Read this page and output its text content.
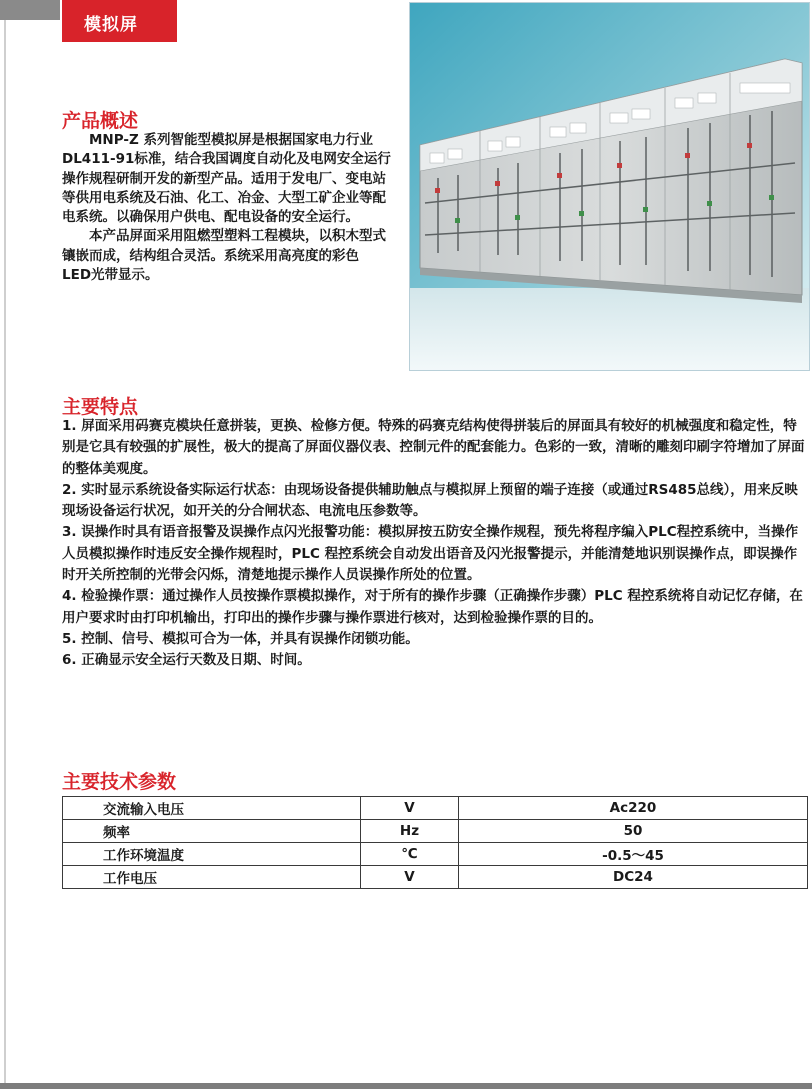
模拟屏
产品概述

MNP-Z 系列智能型模拟屏是根据国家电力行业 DL411-91标准，结合我国调度自动化及电网安全运行操作规程研制开发的新型产品。适用于发电厂、变电站等供用电系统及石油、化工、冶金、大型工矿企业等配电系统。以确保用户供电、配电设备的安全运行。

本产品屏面采用阻燃型塑料工程模块，以积木型式镶嵌而成，结构组合灵活。系统采用高亮度的彩色 LED光带显示。

主要特点

1. 屏面采用码赛克模块任意拼装，更换、检修方便。特殊的码赛克结构使得拼装后的屏面具有较好的机械强度和稳定性，特别是它具有较强的扩展性，极大的提高了屏面仪器仪表、控制元件的配套能力。色彩的一致，清晰的雕刻印刷字符增加了屏面的整体美观度。

2. 实时显示系统设备实际运行状态：由现场设备提供辅助触点与模拟屏上预留的端子连接（或通过RS485总线），用来反映现场设备运行状况，如开关的分合闸状态、电流电压参数等。

3. 误操作时具有语音报警及误操作点闪光报警功能：模拟屏按五防安全操作规程，预先将程序编入PLC程控系统中，当操作人员模拟操作时违反安全操作规程时，PLC 程控系统会自动发出语音及闪光报警提示，并能清楚地识别误操作点，即误操作时开关所控制的光带会闪烁，清楚地提示操作人员误操作所处的位置。

4. 检验操作票：通过操作人员按操作票模拟操作，对于所有的操作步骤（正确操作步骤）PLC 程控系统将自动记忆存储，在用户要求时由打印机输出，打印出的操作步骤与操作票进行核对，达到检验操作票的目的。

5. 控制、信号、模拟可合为一体，并具有误操作闭锁功能。

6. 正确显示安全运行天数及日期、时间。

主要技术参数
交流输入电压	V	Ac220
频率	Hz	50
工作环境温度	℃	-0.5～45
工作电压	V	DC24
